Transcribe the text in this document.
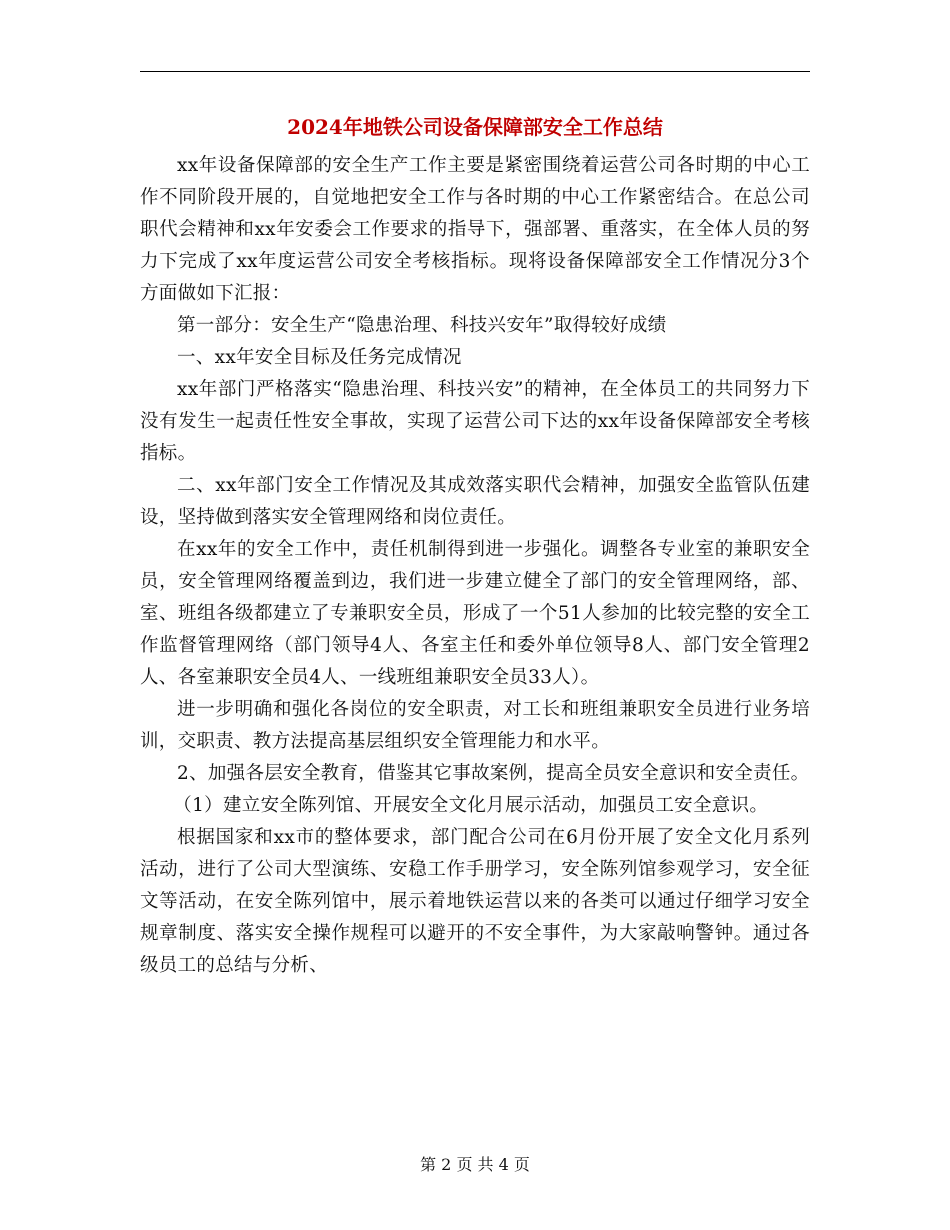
2024年地铁公司设备保障部安全工作总结

xx年设备保障部的安全生产工作主要是紧密围绕着运营公司各时期的中心工作不同阶段开展的，自觉地把安全工作与各时期的中心工作紧密结合。在总公司职代会精神和xx年安委会工作要求的指导下，强部署、重落实，在全体人员的努力下完成了xx年度运营公司安全考核指标。现将设备保障部安全工作情况分3个方面做如下汇报：

第一部分：安全生产“隐患治理、科技兴安年”取得较好成绩

一、xx年安全目标及任务完成情况

xx年部门严格落实“隐患治理、科技兴安”的精神，在全体员工的共同努力下没有发生一起责任性安全事故，实现了运营公司下达的xx年设备保障部安全考核指标。

二、xx年部门安全工作情况及其成效落实职代会精神，加强安全监管队伍建设，坚持做到落实安全管理网络和岗位责任。

在xx年的安全工作中，责任机制得到进一步强化。调整各专业室的兼职安全员，安全管理网络覆盖到边，我们进一步建立健全了部门的安全管理网络，部、室、班组各级都建立了专兼职安全员，形成了一个51人参加的比较完整的安全工作监督管理网络（部门领导4人、各室主任和委外单位领导8人、部门安全管理2人、各室兼职安全员4人、一线班组兼职安全员33人）。

进一步明确和强化各岗位的安全职责，对工长和班组兼职安全员进行业务培训，交职责、教方法提高基层组织安全管理能力和水平。

2、加强各层安全教育，借鉴其它事故案例，提高全员安全意识和安全责任。

（1）建立安全陈列馆、开展安全文化月展示活动，加强员工安全意识。

根据国家和xx市的整体要求，部门配合公司在6月份开展了安全文化月系列活动，进行了公司大型演练、安稳工作手册学习，安全陈列馆参观学习，安全征文等活动，在安全陈列馆中，展示着地铁运营以来的各类可以通过仔细学习安全规章制度、落实安全操作规程可以避开的不安全事件，为大家敲响警钟。通过各级员工的总结与分析、

第 2 页 共 4 页
